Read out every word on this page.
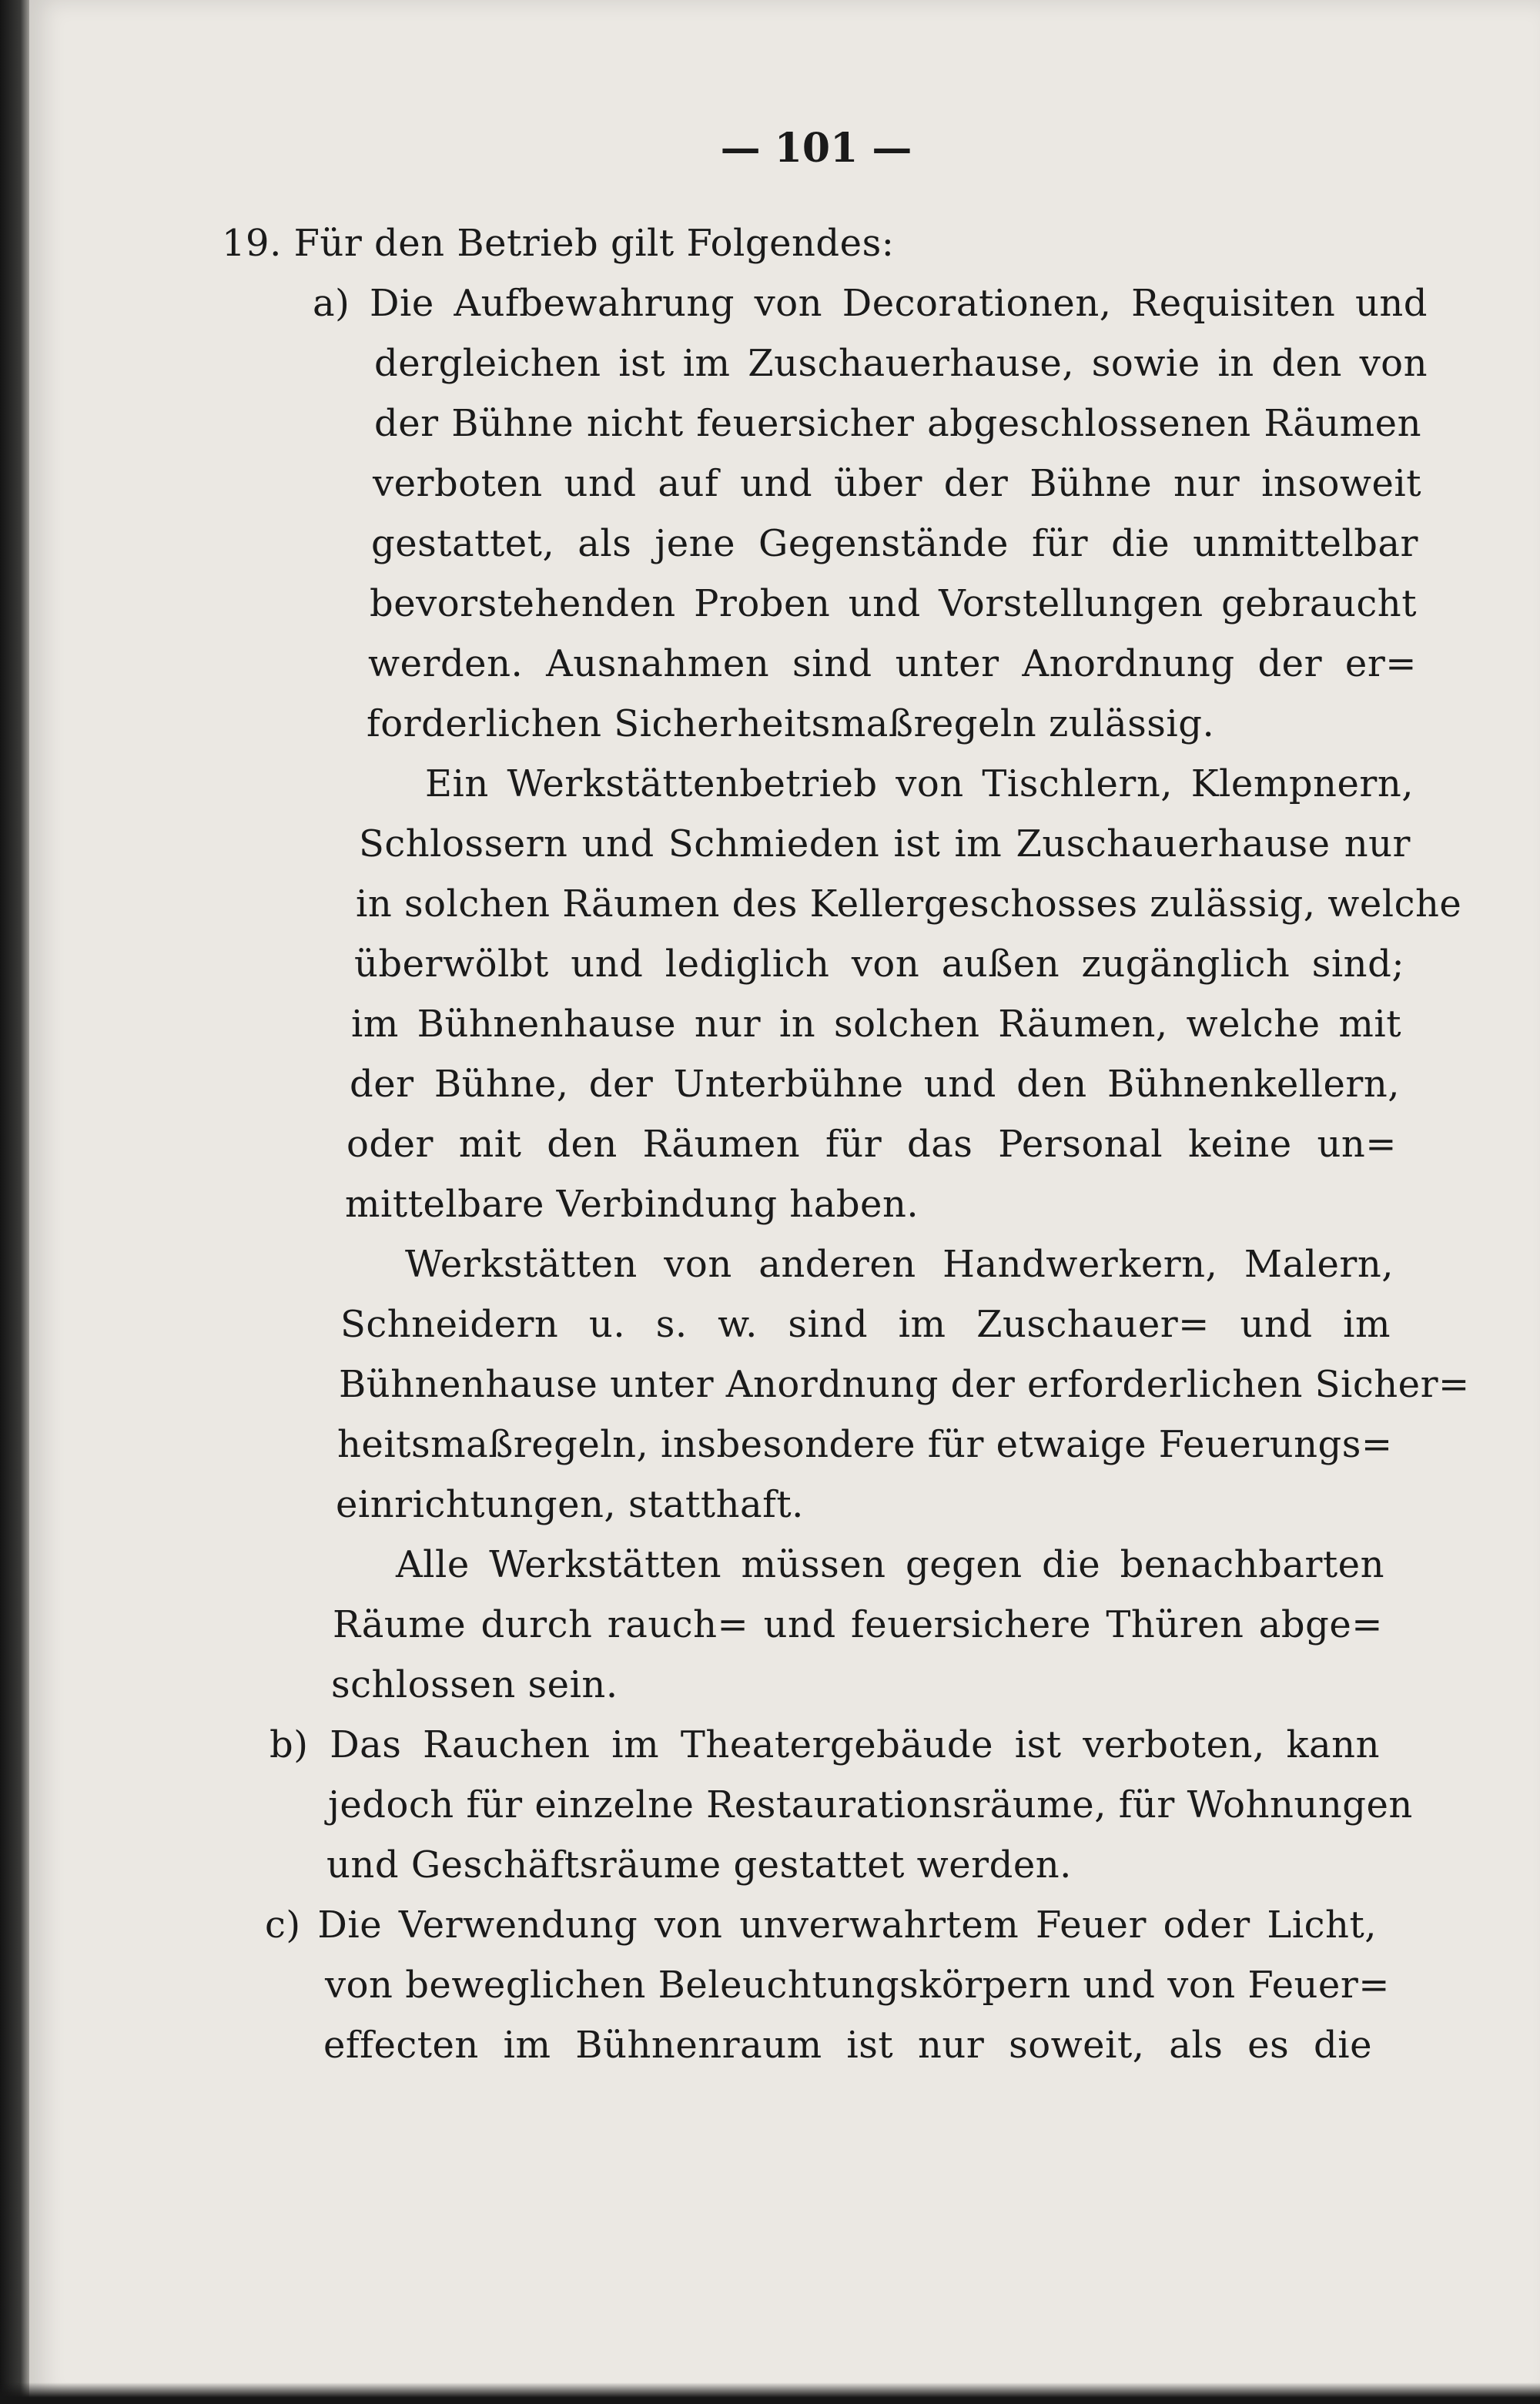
— 101 —
19. Für den Betrieb gilt Folgendes:
a) Die Aufbewahrung von Decorationen, Requisiten und
dergleichen ist im Zuschauerhause, sowie in den von
der Bühne nicht feuersicher abgeschlossenen Räumen
verboten und auf und über der Bühne nur insoweit
gestattet, als jene Gegenstände für die unmittelbar
bevorstehenden Proben und Vorstellungen gebraucht
werden. Ausnahmen sind unter Anordnung der er=
forderlichen Sicherheitsmaßregeln zulässig.
Ein Werkstättenbetrieb von Tischlern, Klempnern,
Schlossern und Schmieden ist im Zuschauerhause nur
in solchen Räumen des Kellergeschosses zulässig, welche
überwölbt und lediglich von außen zugänglich sind;
im Bühnenhause nur in solchen Räumen, welche mit
der Bühne, der Unterbühne und den Bühnenkellern,
oder mit den Räumen für das Personal keine un=
mittelbare Verbindung haben.
Werkstätten von anderen Handwerkern, Malern,
Schneidern u. s. w. sind im Zuschauer= und im
Bühnenhause unter Anordnung der erforderlichen Sicher=
heitsmaßregeln, insbesondere für etwaige Feuerungs=
einrichtungen, statthaft.
Alle Werkstätten müssen gegen die benachbarten
Räume durch rauch= und feuersichere Thüren abge=
schlossen sein.
b) Das Rauchen im Theatergebäude ist verboten, kann
jedoch für einzelne Restaurationsräume, für Wohnungen
und Geschäftsräume gestattet werden.
c) Die Verwendung von unverwahrtem Feuer oder Licht,
von beweglichen Beleuchtungskörpern und von Feuer=
effecten im Bühnenraum ist nur soweit, als es die
